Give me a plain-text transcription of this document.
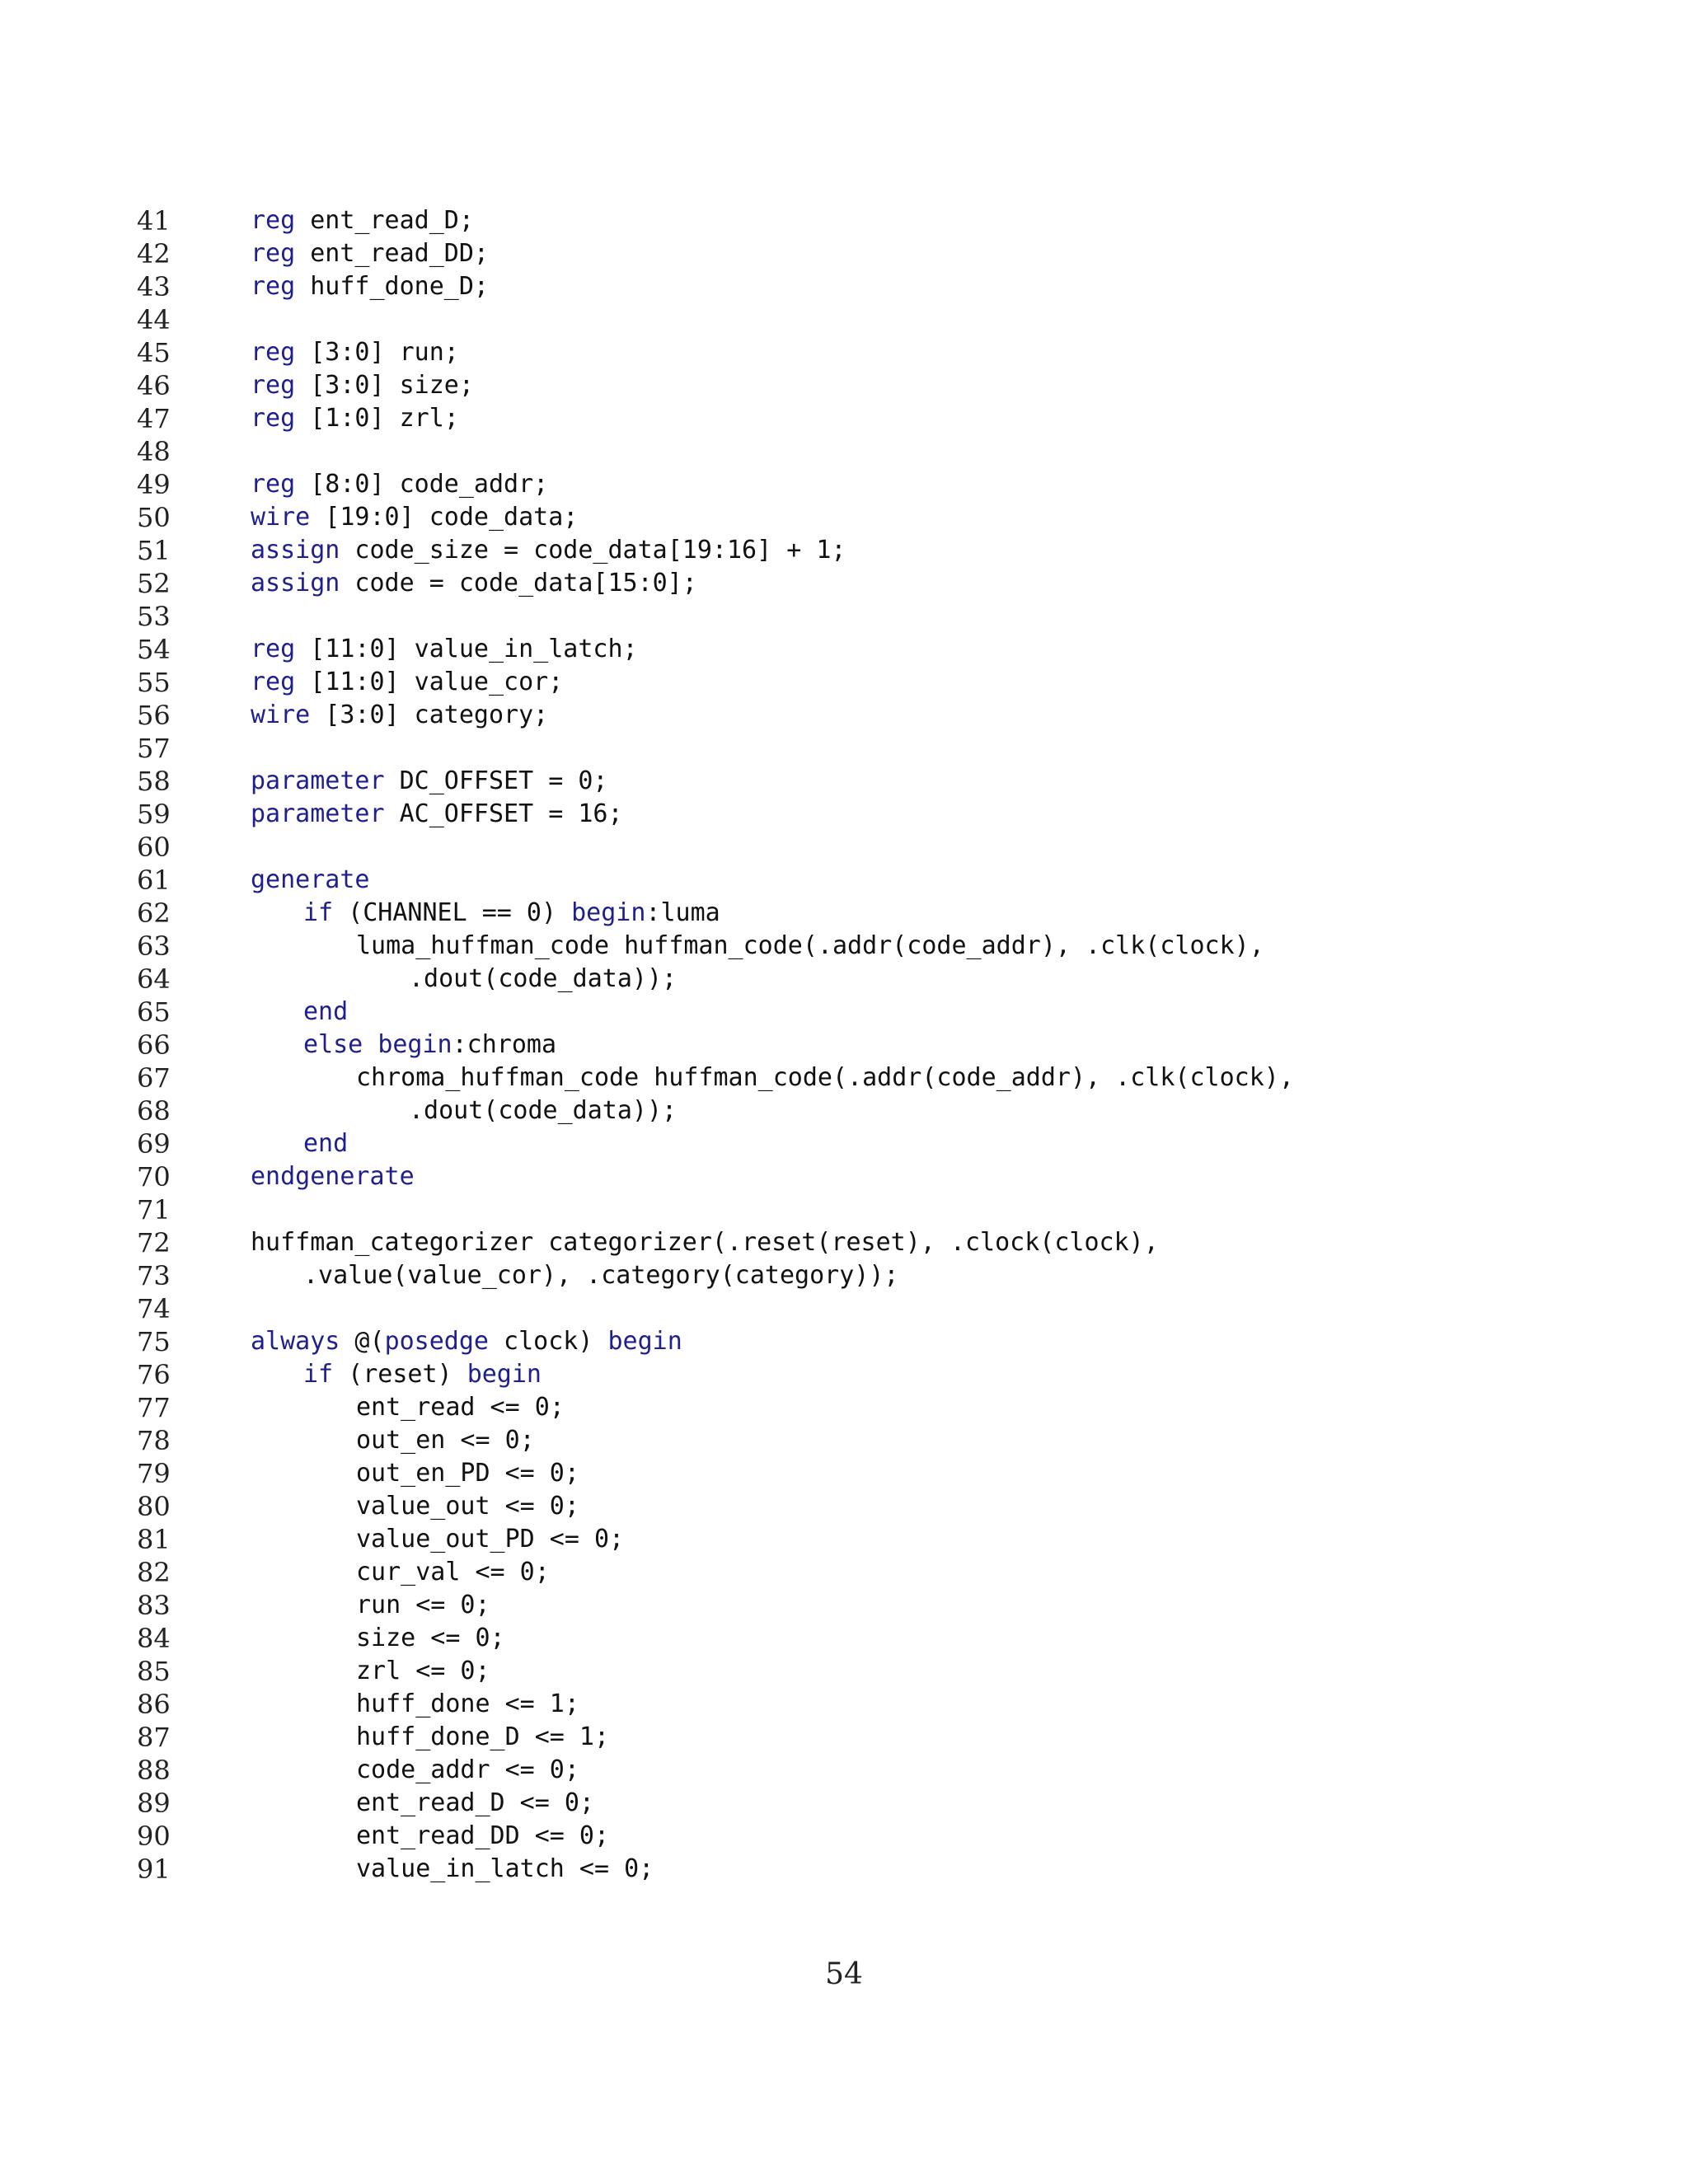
41	reg ent_read_D;
42	reg ent_read_DD;
43	reg huff_done_D;
44
45	reg [3:0] run;
46	reg [3:0] size;
47	reg [1:0] zrl;
48
49	reg [8:0] code_addr;
50	wire [19:0] code_data;
51	assign code_size = code_data[19:16] + 1;
52	assign code = code_data[15:0];
53
54	reg [11:0] value_in_latch;
55	reg [11:0] value_cor;
56	wire [3:0] category;
57
58	parameter DC_OFFSET = 0;
59	parameter AC_OFFSET = 16;
60
61	generate
62	if (CHANNEL == 0) begin:luma
63	luma_huffman_code huffman_code(.addr(code_addr), .clk(clock),
64	.dout(code_data));
65	end
66	else begin:chroma
67	chroma_huffman_code huffman_code(.addr(code_addr), .clk(clock),
68	.dout(code_data));
69	end
70	endgenerate
71
72	huffman_categorizer categorizer(.reset(reset), .clock(clock),
73	.value(value_cor), .category(category));
74
75	always @(posedge clock) begin
76	if (reset) begin
77	ent_read <= 0;
78	out_en <= 0;
79	out_en_PD <= 0;
80	value_out <= 0;
81	value_out_PD <= 0;
82	cur_val <= 0;
83	run <= 0;
84	size <= 0;
85	zrl <= 0;
86	huff_done <= 1;
87	huff_done_D <= 1;
88	code_addr <= 0;
89	ent_read_D <= 0;
90	ent_read_DD <= 0;
91	value_in_latch <= 0;
54
